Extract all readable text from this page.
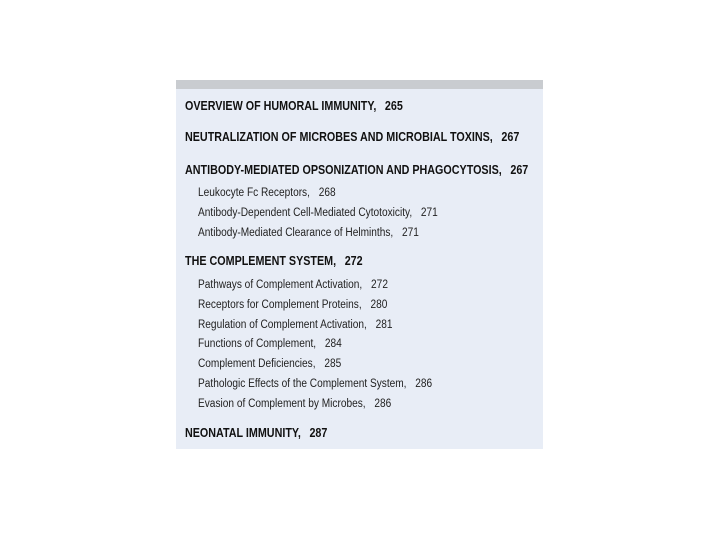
OVERVIEW OF HUMORAL IMMUNITY, 265
NEUTRALIZATION OF MICROBES AND MICROBIAL TOXINS, 267
ANTIBODY-MEDIATED OPSONIZATION AND PHAGOCYTOSIS, 267
Leukocyte Fc Receptors, 268
Antibody-Dependent Cell-Mediated Cytotoxicity, 271
Antibody-Mediated Clearance of Helminths, 271
THE COMPLEMENT SYSTEM, 272
Pathways of Complement Activation, 272
Receptors for Complement Proteins, 280
Regulation of Complement Activation, 281
Functions of Complement, 284
Complement Deficiencies, 285
Pathologic Effects of the Complement System, 286
Evasion of Complement by Microbes, 286
NEONATAL IMMUNITY, 287
